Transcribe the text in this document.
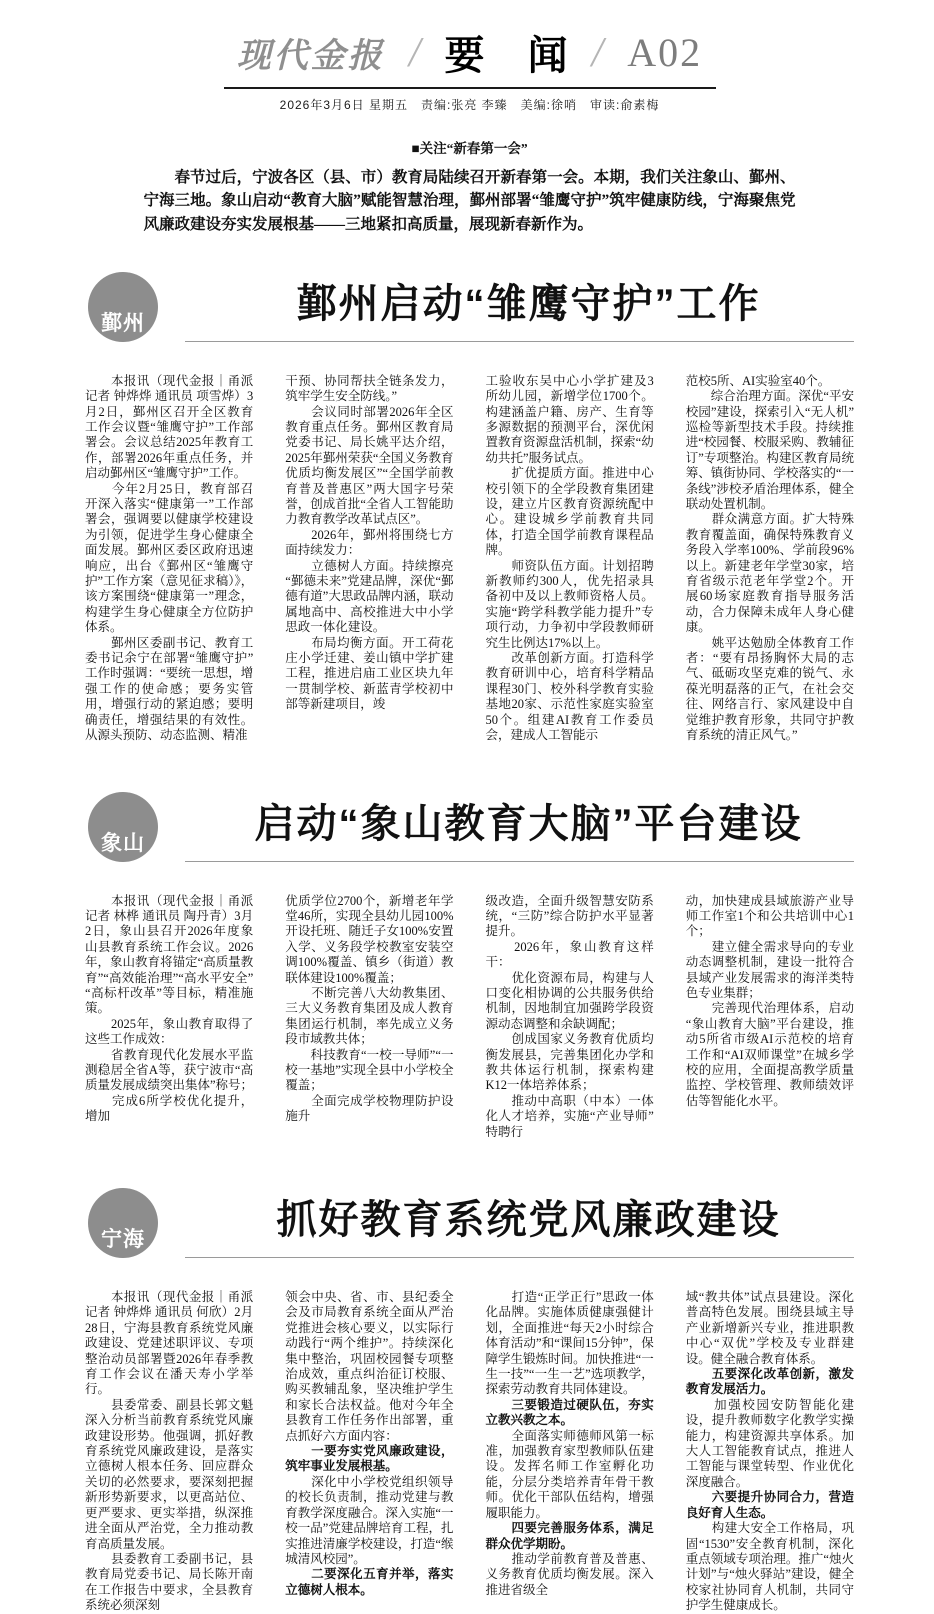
现代金报 / 要 闻 / A02
2026年3月6日 星期五　责编:张亮 李臻　美编:徐哨　审读:俞素梅
■关注“新春第一会”

春节过后，宁波各区（县、市）教育局陆续召开新春第一会。本期，我们关注象山、鄞州、宁海三地。象山启动“教育大脑”赋能智慧治理，鄞州部署“雏鹰守护”筑牢健康防线，宁海聚焦党风廉政建设夯实发展根基——三地紧扣高质量，展现新春新作为。

鄞州	鄞州启动“雏鹰守护”工作

　　本报讯（现代金报｜甬派 记者 钟烨烨 通讯员 项雪烨）3月2日，鄞州区召开全区教育工作会议暨“雏鹰守护”工作部署会。会议总结2025年教育工作，部署2026年重点任务，并启动鄞州区“雏鹰守护”工作。

　　今年2月25日，教育部召开深入落实“健康第一”工作部署会，强调要以健康学校建设为引领，促进学生身心健康全面发展。鄞州区委区政府迅速响应，出台《鄞州区“雏鹰守护”工作方案（意见征求稿）》，该方案围绕“健康第一”理念，构建学生身心健康全方位防护体系。

　　鄞州区委副书记、教育工委书记余宁在部署“雏鹰守护”工作时强调：“要统一思想，增强工作的使命感；要务实管用，增强行动的紧迫感；要明确责任，增强结果的有效性。从源头预防、动态监测、精准

干预、协同帮扶全链条发力，筑牢学生安全防线。”

　　会议同时部署2026年全区教育重点任务。鄞州区教育局党委书记、局长姚平达介绍，2025年鄞州荣获“全国义务教育优质均衡发展区”“全国学前教育普及普惠区”两大国字号荣誉，创成首批“全省人工智能助力教育教学改革试点区”。

　　2026年，鄞州将围绕七方面持续发力：

　　立德树人方面。持续擦亮“鄞德未来”党建品牌，深优“鄞德有道”大思政品牌内涵，联动属地高中、高校推进大中小学思政一体化建设。

　　布局均衡方面。开工荷花庄小学迁建、姜山镇中学扩建工程，推进启庙工业区块九年一贯制学校、新蓝青学校初中部等新建项目，竣

工验收东吴中心小学扩建及3所幼儿园，新增学位1700个。构建涵盖户籍、房产、生育等多源数据的预测平台，深优闲置教育资源盘活机制，探索“幼幼共托”服务试点。

　　扩优提质方面。推进中心校引领下的全学段教育集团建设，建立片区教育资源统配中心。建设城乡学前教育共同体，打造全国学前教育课程品牌。

　　师资队伍方面。计划招聘新教师约300人，优先招录具备初中及以上教师资格人员。实施“跨学科教学能力提升”专项行动，力争初中学段教师研究生比例达17%以上。

　　改革创新方面。打造科学教育研训中心，培育科学精品课程30门、校外科学教育实验基地20家、示范性家庭实验室50个。组建AI教育工作委员会，建成人工智能示

范校5所、AI实验室40个。

　　综合治理方面。深优“平安校园”建设，探索引入“无人机”巡检等新型技术手段。持续推进“校园餐、校服采购、教辅征订”专项整治。构建区教育局统筹、镇街协同、学校落实的“一条线”涉校矛盾治理体系，健全联动处置机制。

　　群众满意方面。扩大特殊教育覆盖面，确保特殊教育义务段入学率100%、学前段96%以上。新建老年学堂30家，培育省级示范老年学堂2个。开展60场家庭教育指导服务活动，合力保障未成年人身心健康。

　　姚平达勉励全体教育工作者：“要有昂扬胸怀大局的志气、砥砺攻坚克难的锐气、永葆光明磊落的正气，在社会交往、网络言行、家风建设中自觉维护教育形象，共同守护教育系统的清正风气。”

象山	启动“象山教育大脑”平台建设

　　本报讯（现代金报｜甬派 记者 林桦 通讯员 陶丹青）3月2日，象山县召开2026年度象山县教育系统工作会议。2026年，象山教育将锚定“高质量教育”“高效能治理”“高水平安全”“高标杆改革”等目标，精准施策。

　　2025年，象山教育取得了这些工作成效：

　　省教育现代化发展水平监测稳居全省A等，获宁波市“高质量发展成绩突出集体”称号；

　　完成6所学校优化提升，增加

优质学位2700个，新增老年学堂46所，实现全县幼儿园100%开设托班、随迁子女100%安置入学、义务段学校教室安装空调100%覆盖、镇乡（街道）教联体建设100%覆盖；

　　不断完善八大幼教集团、三大义务教育集团及成人教育集团运行机制，率先成立义务段市域教共体；

　　科技教育“一校一导师”“一校一基地”实现全县中小学校全覆盖；

　　全面完成学校物理防护设施升

级改造，全面升级智慧安防系统，“三防”综合防护水平显著提升。

　　2026年，象山教育这样干：

　　优化资源布局，构建与人口变化相协调的公共服务供给机制，因地制宜加强跨学段资源动态调整和余缺调配；

　　创成国家义务教育优质均衡发展县，完善集团化办学和教共体运行机制，探索构建K12一体培养体系；

　　推动中高职（中本）一体化人才培养，实施“产业导师”特聘行

动，加快建成县域旅游产业导师工作室1个和公共培训中心1个；

　　建立健全需求导向的专业动态调整机制，建设一批符合县域产业发展需求的海洋类特色专业集群；

　　完善现代治理体系，启动“象山教育大脑”平台建设，推动5所省市级AI示范校的培育工作和“AI双师课堂”在城乡学校的应用，全面提高教学质量监控、学校管理、教师绩效评估等智能化水平。

宁海	抓好教育系统党风廉政建设

　　本报讯（现代金报｜甬派 记者 钟烨烨 通讯员 何欣）2月28日，宁海县教育系统党风廉政建设、党建述职评议、专项整治动员部署暨2026年春季教育工作会议在潘天寿小学举行。

　　县委常委、副县长郭文魁深入分析当前教育系统党风廉政建设形势。他强调，抓好教育系统党风廉政建设，是落实立德树人根本任务、回应群众关切的必然要求，要深刻把握新形势新要求，以更高站位、更严要求、更实举措，纵深推进全面从严治党，全力推动教育高质量发展。

　　县委教育工委副书记，县教育局党委书记、局长陈开南在工作报告中要求，全县教育系统必须深刻

领会中央、省、市、县纪委全会及市局教育系统全面从严治党推进会核心要义，以实际行动践行“两个维护”。持续深化集中整治，巩固校园餐专项整治成效，重点纠治征订校服、购买教辅乱象，坚决维护学生和家长合法权益。他对今年全县教育工作任务作出部署，重点抓好六方面内容：

　　一要夯实党风廉政建设，筑牢事业发展根基。

　　深化中小学校党组织领导的校长负责制，推动党建与教育教学深度融合。深入实施“一校一品”党建品牌培育工程，扎实推进清廉学校建设，打造“缑城清风校园”。

　　二要深化五育并举，落实立德树人根本。

　　打造“正学正行”思政一体化品牌。实施体质健康强健计划，全面推进“每天2小时综合体育活动”和“课间15分钟”，保障学生锻炼时间。加快推进“一生一技”“一生一艺”选项教学，探索劳动教育共同体建设。

　　三要锻造过硬队伍，夯实立教兴教之本。

　　全面落实师德师风第一标准，加强教育家型教师队伍建设。发挥名师工作室孵化功能，分层分类培养青年骨干教师。优化干部队伍结构，增强履职能力。

　　四要完善服务体系，满足群众优学期盼。

　　推动学前教育普及普惠、义务教育优质均衡发展。深入推进省级全

域“教共体”试点县建设。深化普高特色发展。围绕县域主导产业新增新兴专业，推进职教中心“双优”学校及专业群建设。健全融合教育体系。

　　五要深化改革创新，激发教育发展活力。

　　加强校园安防智能化建设，提升教师数字化教学实操能力，构建资源共享体系。加大人工智能教育试点，推进人工智能与课堂转型、作业优化深度融合。

　　六要提升协同合力，营造良好育人生态。

　　构建大安全工作格局，巩固“1530”安全教育机制，深化重点领域专项治理。推广“烛火计划”与“烛火驿站”建设，健全校家社协同育人机制，共同守护学生健康成长。
